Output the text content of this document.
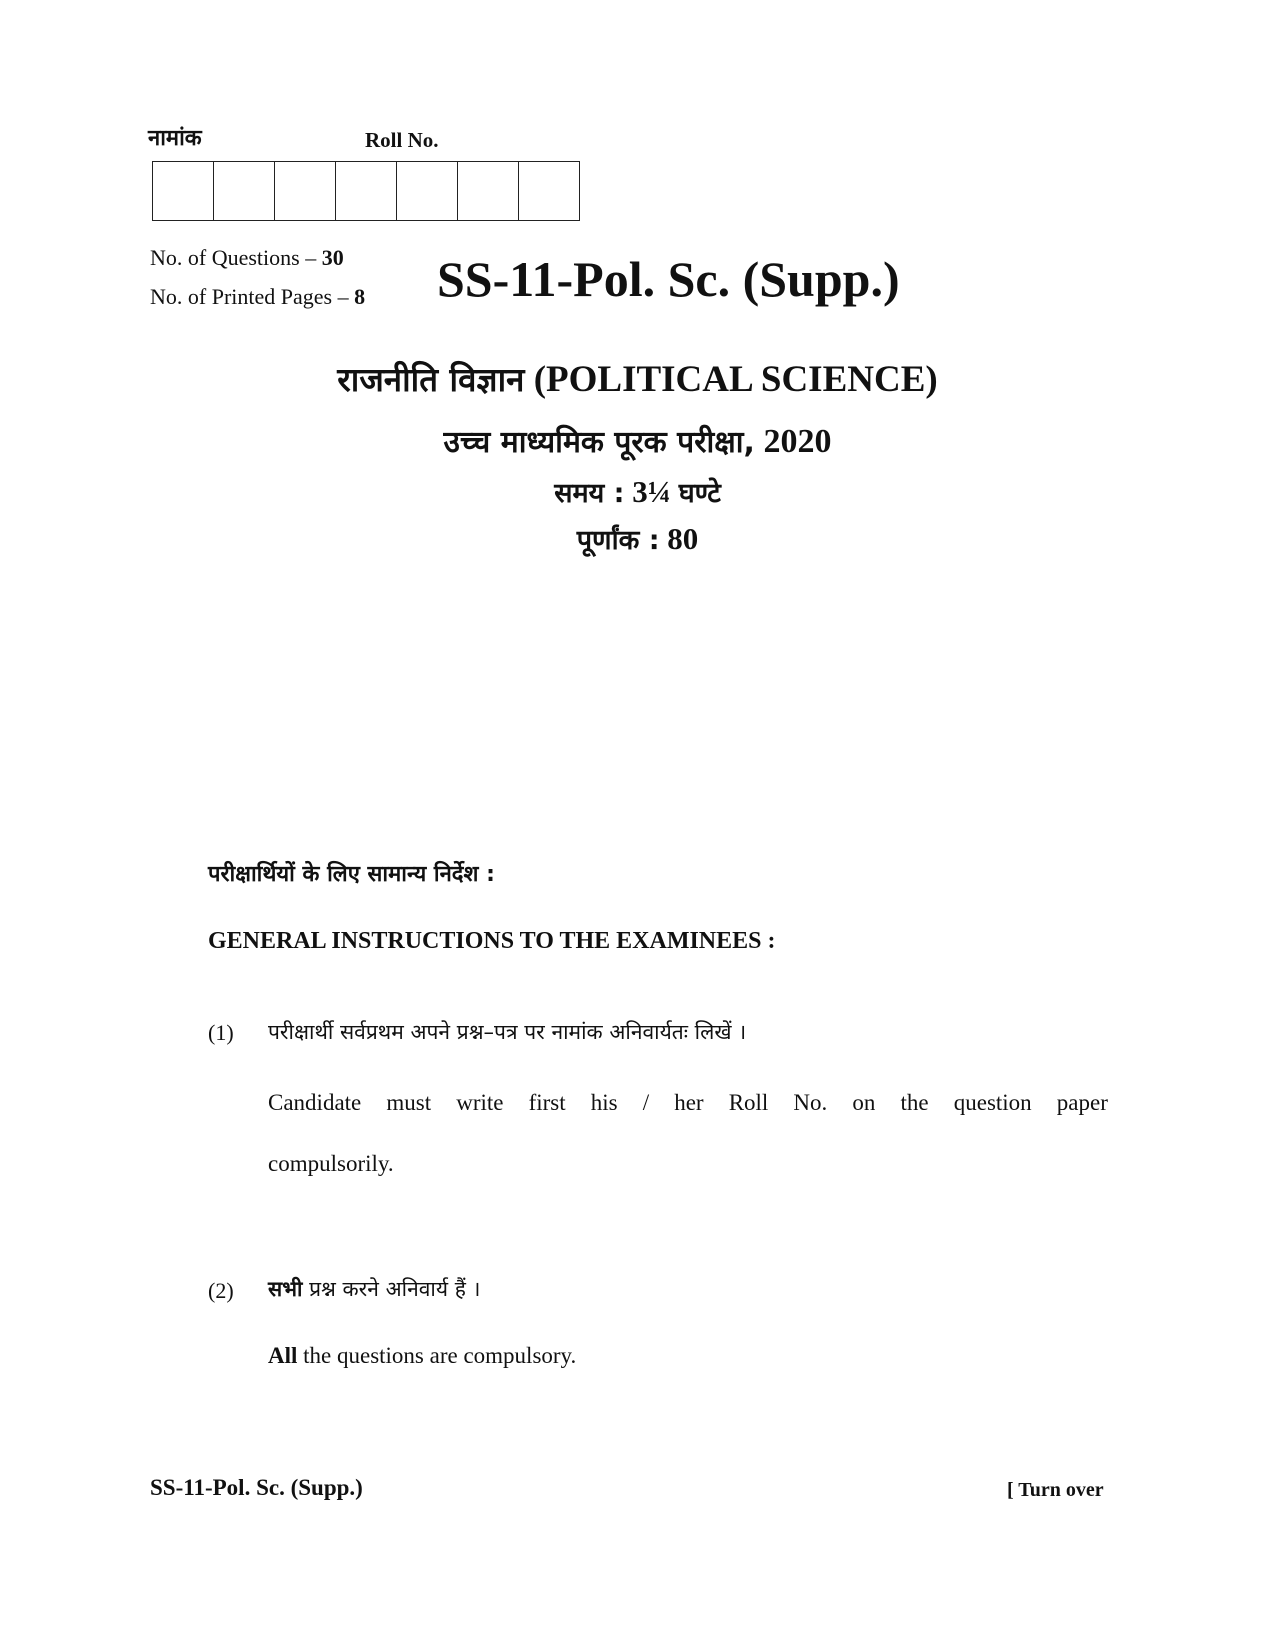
नामांक	Roll No.
No. of Questions – 30
No. of Printed Pages – 8 SS-11-Pol. Sc. (Supp.)
राजनीति विज्ञान (POLITICAL SCIENCE)
उच्च माध्यमिक पूरक परीक्षा, 2020
समय : 3¼ घण्टे
पूर्णांक : 80
परीक्षार्थियों के लिए सामान्य निर्देश :
GENERAL INSTRUCTIONS TO THE EXAMINEES :
(1) परीक्षार्थी सर्वप्रथम अपने प्रश्न–पत्र पर नामांक अनिवार्यतः लिखें ।
Candidate must write first his / her Roll No. on the question paper
compulsorily.
(2) सभी प्रश्न करने अनिवार्य हैं ।
All the questions are compulsory.
SS-11-Pol. Sc. (Supp.)	[ Turn over
